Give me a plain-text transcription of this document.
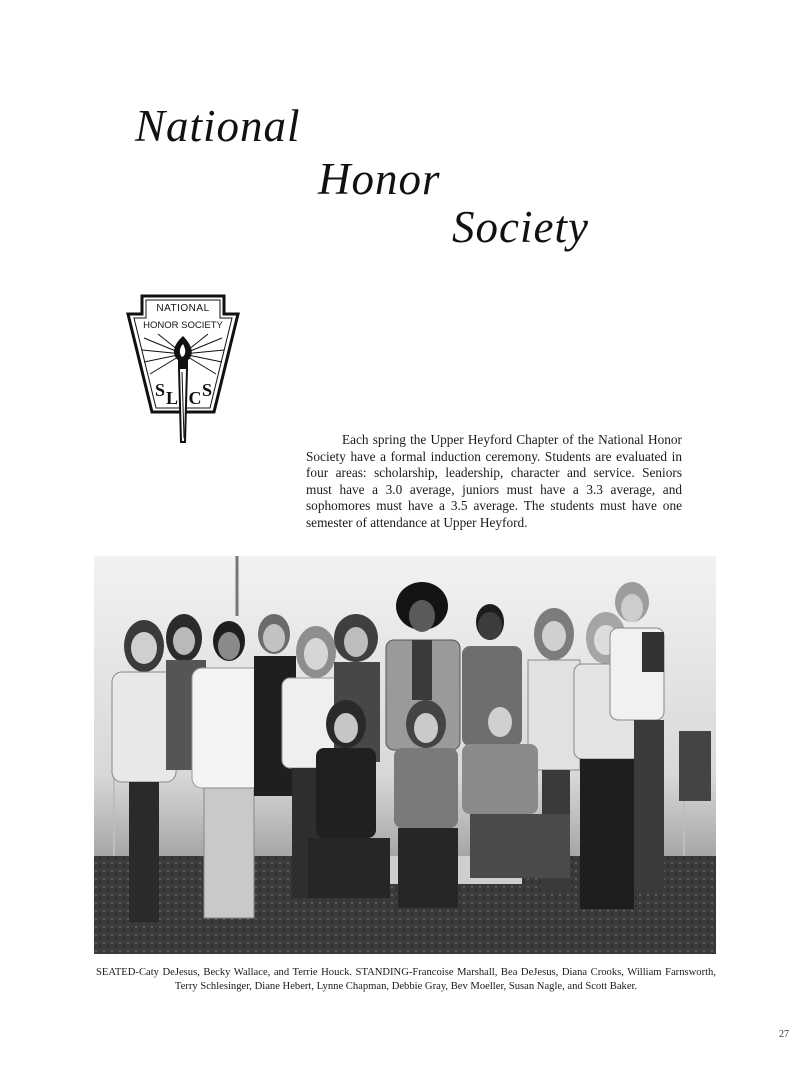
National
Honor
Society
NATIONAL
HONOR SOCIETY
S L C S

Each spring the Upper Heyford Chapter of the National Honor Society have a formal induction ceremony. Students are evaluated in four areas: scholarship, leadership, character and service. Seniors must have a 3.0 average, juniors must have a 3.3 average, and sophomores must have a 3.5 average. The students must have one semester of attendance at Upper Heyford.

SEATED-Caty DeJesus, Becky Wallace, and Terrie Houck. STANDING-Francoise Marshall, Bea DeJesus, Diana Crooks, William Farnsworth, Terry Schlesinger, Diane Hebert, Lynne Chapman, Debbie Gray, Bev Moeller, Susan Nagle, and Scott Baker.
27
